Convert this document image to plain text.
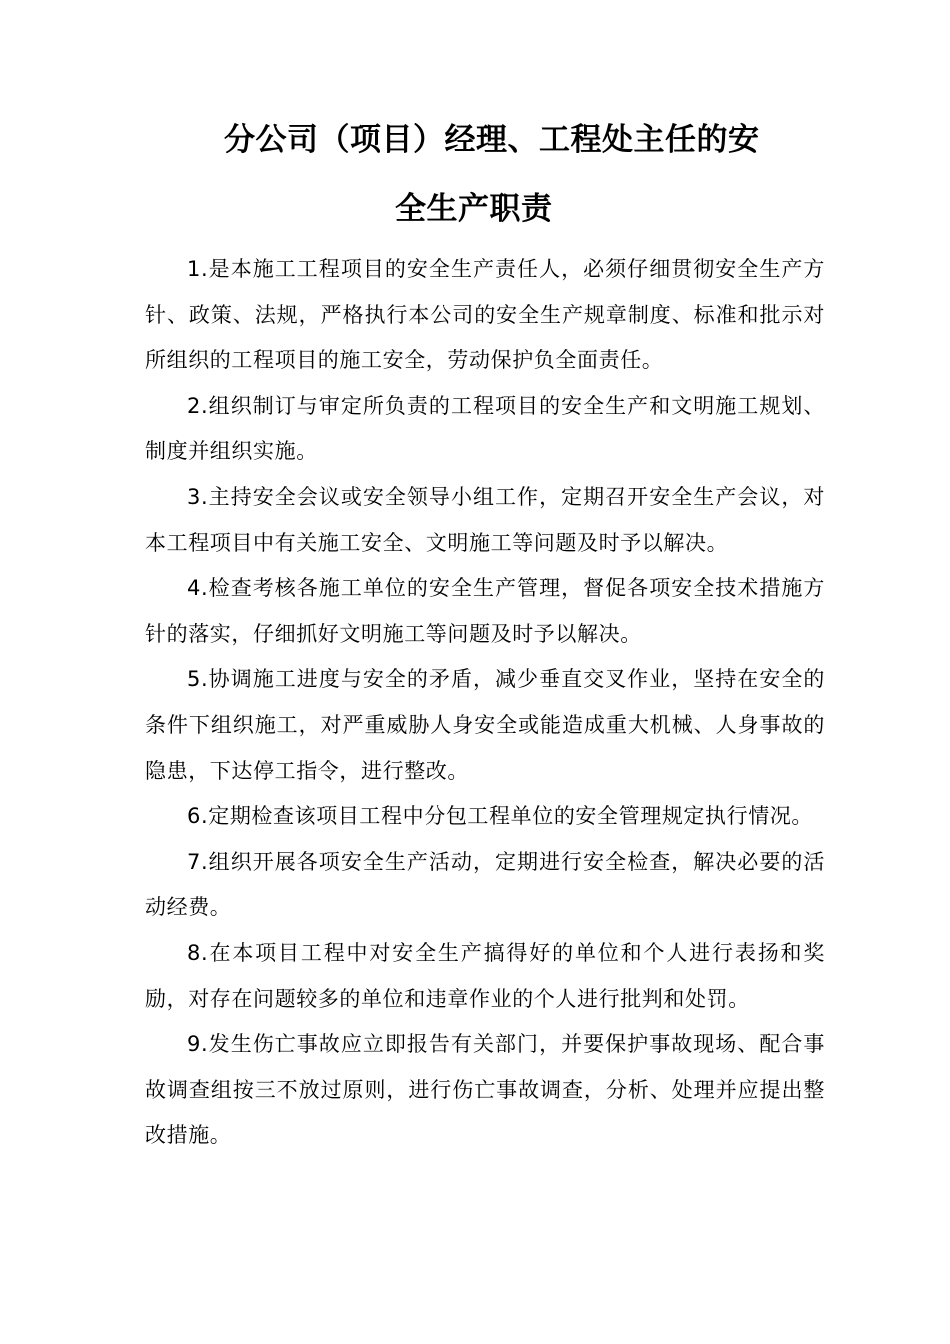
分公司（项目）经理、工程处主任的安
全生产职责

1.是本施工工程项目的安全生产责任人，必须仔细贯彻安全生产方针、政策、法规，严格执行本公司的安全生产规章制度、标准和批示对所组织的工程项目的施工安全，劳动保护负全面责任。

2.组织制订与审定所负责的工程项目的安全生产和文明施工规划、制度并组织实施。

3.主持安全会议或安全领导小组工作，定期召开安全生产会议，对本工程项目中有关施工安全、文明施工等问题及时予以解决。

4.检查考核各施工单位的安全生产管理，督促各项安全技术措施方针的落实，仔细抓好文明施工等问题及时予以解决。

5.协调施工进度与安全的矛盾，减少垂直交叉作业，坚持在安全的条件下组织施工，对严重威胁人身安全或能造成重大机械、人身事故的隐患，下达停工指令，进行整改。

6.定期检查该项目工程中分包工程单位的安全管理规定执行情况。

7.组织开展各项安全生产活动，定期进行安全检查，解决必要的活动经费。

8.在本项目工程中对安全生产搞得好的单位和个人进行表扬和奖励，对存在问题较多的单位和违章作业的个人进行批判和处罚。

9.发生伤亡事故应立即报告有关部门，并要保护事故现场、配合事故调查组按三不放过原则，进行伤亡事故调查，分析、处理并应提出整改措施。
